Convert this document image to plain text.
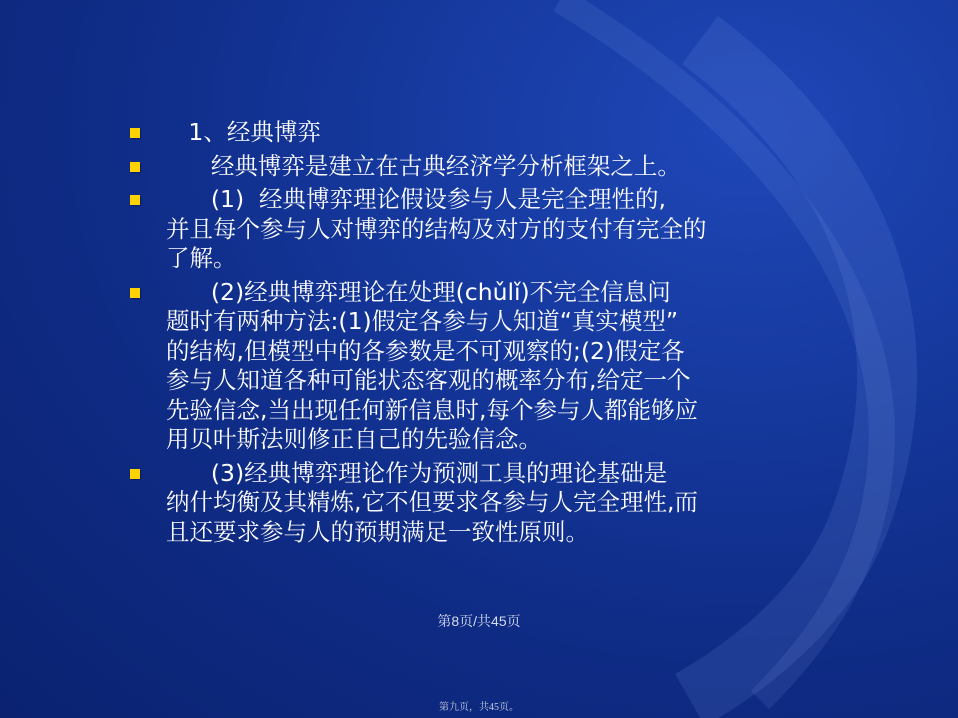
1、经典博弈
经典博弈是建立在古典经济学分析框架之上。
(1)  经典博弈理论假设参与人是完全理性的,
并且每个参与人对博弈的结构及对方的支付有完全的
了解。
(2)经典博弈理论在处理(chǔlǐ)不完全信息问
题时有两种方法:(1)假定各参与人知道“真实模型”
的结构,但模型中的各参数是不可观察的;(2)假定各
参与人知道各种可能状态客观的概率分布,给定一个
先验信念,当出现任何新信息时,每个参与人都能够应
用贝叶斯法则修正自己的先验信念。
(3)经典博弈理论作为预测工具的理论基础是
纳什均衡及其精炼,它不但要求各参与人完全理性,而
且还要求参与人的预期满足一致性原则。
第8页/共45页
第九页，共45页。
